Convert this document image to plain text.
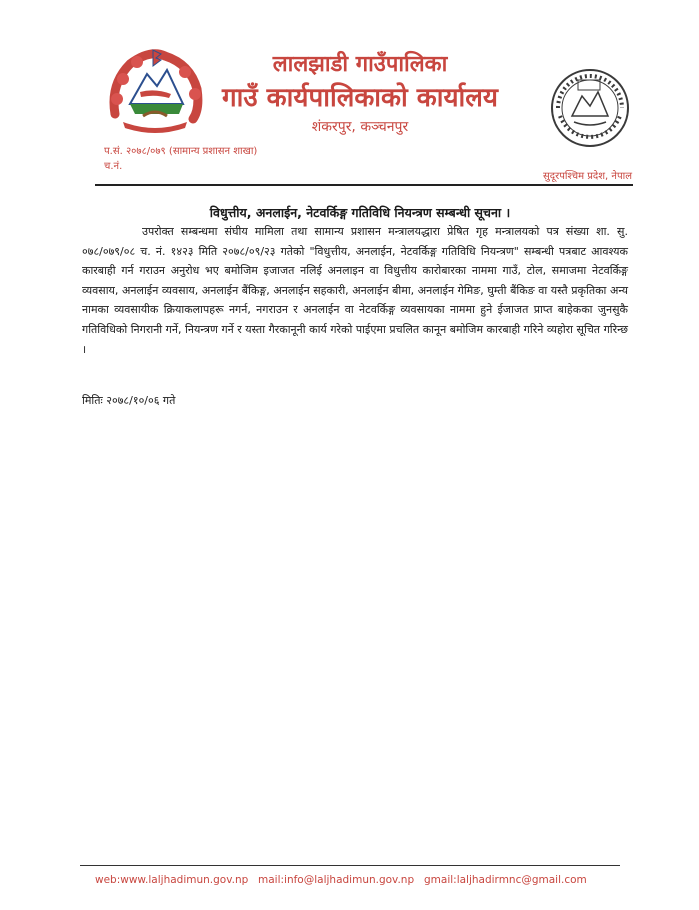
लालझाडी गाउँपालिका
गाउँ कार्यपालिकाको कार्यालय
शंकरपुर, कञ्चनपुर
प.सं. २०७८/०७९ (सामान्य प्रशासन शाखा)
च.नं.
सुदूरपश्चिम प्रदेश, नेपाल
विधुत्तीय, अनलाईन, नेटवर्किङ्ग गतिविधि नियन्त्रण सम्बन्धी सूचना ।

उपरोक्त सम्बन्धमा संघीय मामिला तथा सामान्य प्रशासन मन्त्रालयद्धारा प्रेषित गृह मन्त्रालयको पत्र संख्या शा. सु. ०७८/०७९/०८ च. नं. १४२३ मिति २०७८/०९/२३ गतेको "विधुत्तीय, अनलाईन, नेटवर्किङ्ग गतिविधि नियन्त्रण" सम्बन्धी पत्रबाट आवश्यक कारबाही गर्न गराउन अनुरोध भए बमोजिम इजाजत नलिई अनलाइन वा विधुत्तीय कारोबारका नाममा गाउँ, टोल, समाजमा नेटवर्किङ्ग व्यवसाय, अनलाईन व्यवसाय, अनलाईन बैंकिङ्ग, अनलाईन सहकारी, अनलाईन बीमा, अनलाईन गेमिङ, घुम्ती बैंकिङ वा यस्तै प्रकृतिका अन्य नामका व्यवसायीक क्रियाकलापहरू नगर्न, नगराउन र अनलाईन वा नेटवर्किङ्ग व्यवसायका नाममा हुने ईजाजत प्राप्त बाहेकका जुनसुकै गतिविधिको निगरानी गर्ने, नियन्त्रण गर्ने र यस्ता गैरकानूनी कार्य गरेको पाईएमा प्रचलित कानून बमोजिम कारबाही गरिने व्यहोरा सूचित गरिन्छ ।

मितिः २०७८/१०/०६ गते
web:www.laljhadimun.gov.np mail:info@laljhadimun.gov.np gmail:laljhadirmnc@gmail.com
